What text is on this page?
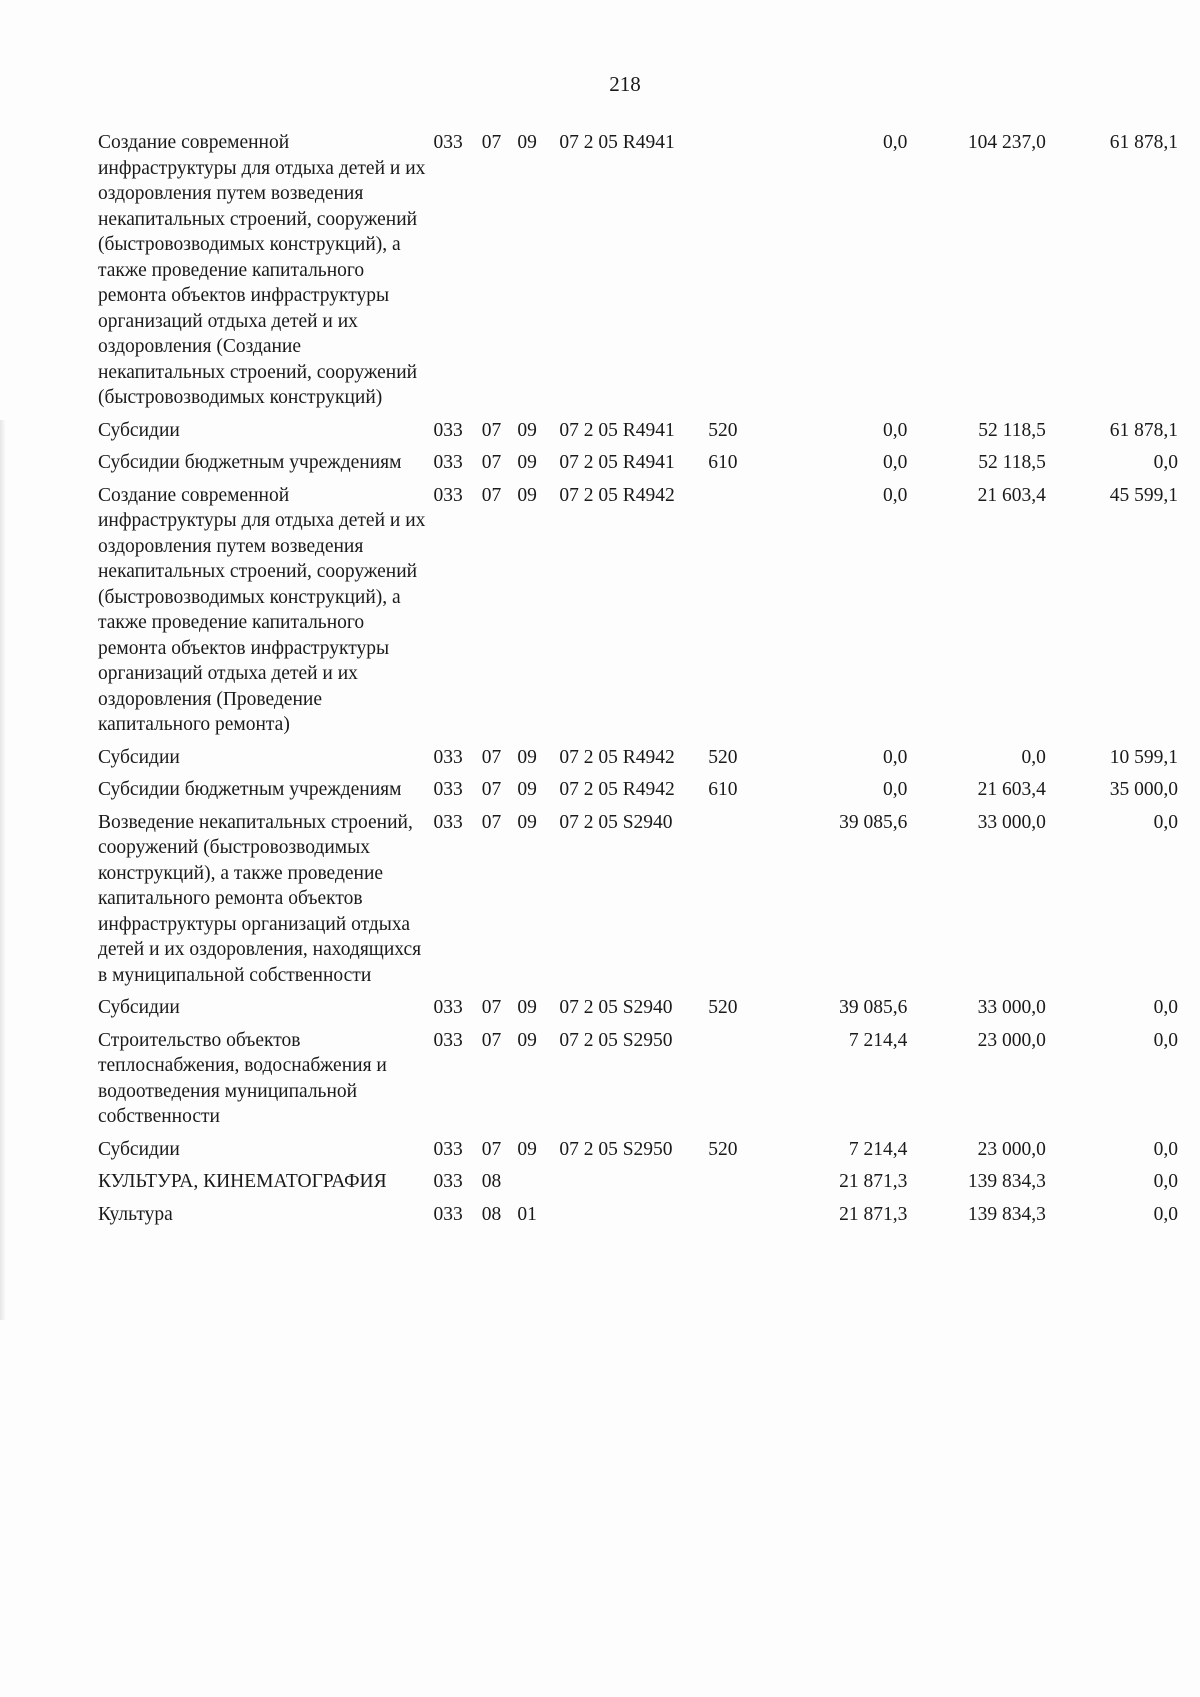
218
Создание современной инфраструктуры для отдыха детей и их оздоровления путем возведения некапитальных строений, сооружений (быстровозводимых конструкций), а также проведение капитального ремонта объектов инфраструктуры организаций отдыха детей и их оздоровления (Создание некапитальных строений, сооружений (быстровозводимых конструкций)	033	07	09	07 2 05 R4941		0,0	104 237,0	61 878,1
Субсидии	033	07	09	07 2 05 R4941	520	0,0	52 118,5	61 878,1
Субсидии бюджетным учреждениям	033	07	09	07 2 05 R4941	610	0,0	52 118,5	0,0
Создание современной инфраструктуры для отдыха детей и их оздоровления путем возведения некапитальных строений, сооружений (быстровозводимых конструкций), а также проведение капитального ремонта объектов инфраструктуры организаций отдыха детей и их оздоровления (Проведение капитального ремонта)	033	07	09	07 2 05 R4942		0,0	21 603,4	45 599,1
Субсидии	033	07	09	07 2 05 R4942	520	0,0	0,0	10 599,1
Субсидии бюджетным учреждениям	033	07	09	07 2 05 R4942	610	0,0	21 603,4	35 000,0
Возведение некапитальных строений, сооружений (быстровозводимых конструкций), а также проведение капитального ремонта объектов инфраструктуры организаций отдыха детей и их оздоровления, находящихся в муниципальной собственности	033	07	09	07 2 05 S2940		39 085,6	33 000,0	0,0
Субсидии	033	07	09	07 2 05 S2940	520	39 085,6	33 000,0	0,0
Строительство объектов теплоснабжения, водоснабжения и водоотведения муниципальной собственности	033	07	09	07 2 05 S2950		7 214,4	23 000,0	0,0
Субсидии	033	07	09	07 2 05 S2950	520	7 214,4	23 000,0	0,0
КУЛЬТУРА, КИНЕМАТОГРАФИЯ	033	08				21 871,3	139 834,3	0,0
Культура	033	08	01			21 871,3	139 834,3	0,0
